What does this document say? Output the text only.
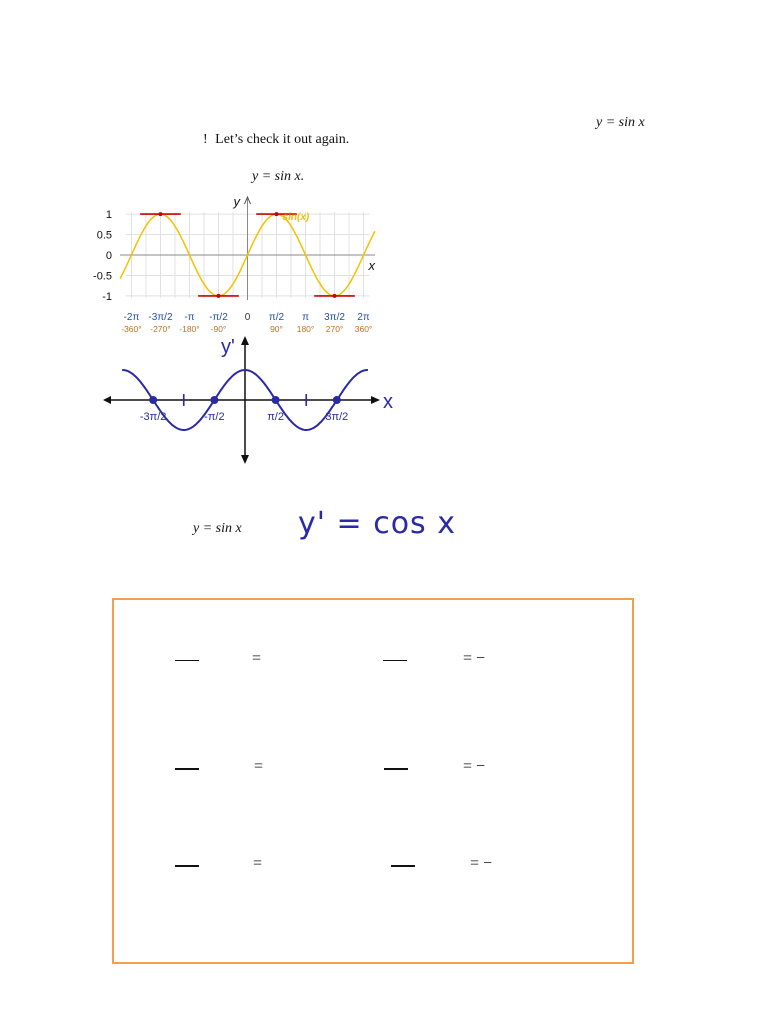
y = sin x
! Let’s check it out again.
y = sin x.
x
y
1
0.5
0
-0.5
-1
-2π -3π/2 -π -π/2 0 π/2 π 3π/2 2π
-360° -270° -180° -90°	90° 180° 270° 360°
sin(x)
-3π/2	-π/2	π/2	3π/2
x
y'
y = sin x y' = cos x
=	= −
=	= −
=	= −
